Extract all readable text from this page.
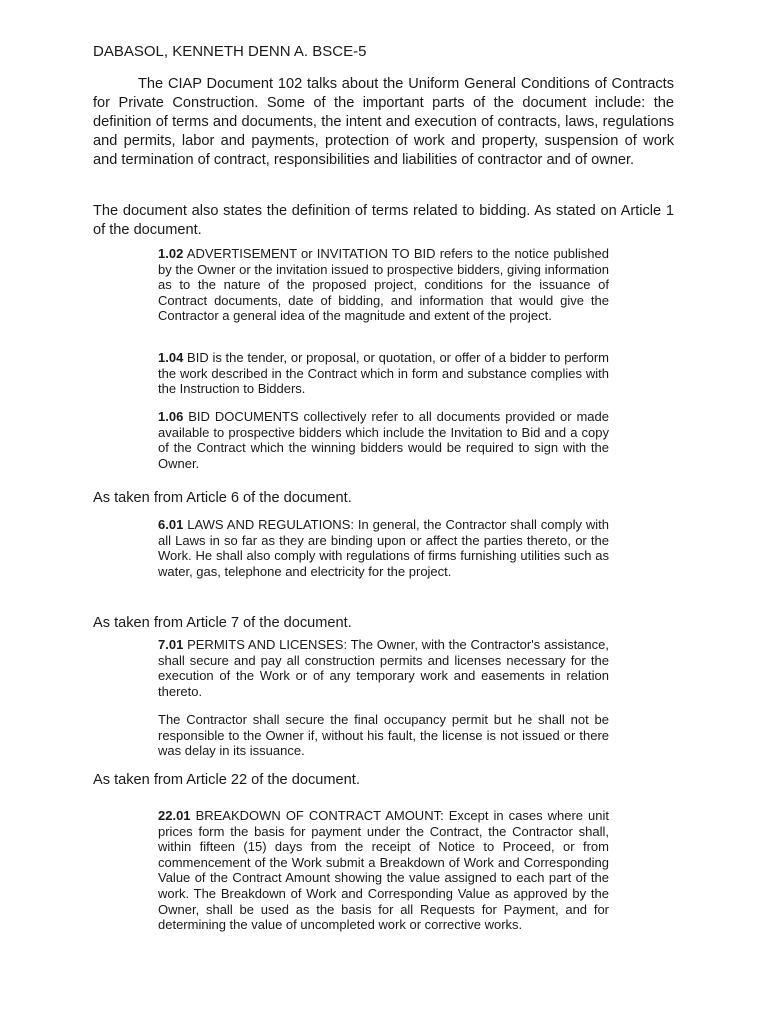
DABASOL, KENNETH DENN A. BSCE-5

The CIAP Document 102 talks about the Uniform General Conditions of Contracts for Private Construction. Some of the important parts of the document include: the definition of terms and documents, the intent and execution of contracts, laws, regulations and permits, labor and payments, protection of work and property, suspension of work and termination of contract, responsibilities and liabilities of contractor and of owner.

The document also states the definition of terms related to bidding. As stated on Article 1 of the document.

1.02 ADVERTISEMENT or INVITATION TO BID refers to the notice published by the Owner or the invitation issued to prospective bidders, giving information as to the nature of the proposed project, conditions for the issuance of Contract documents, date of bidding, and information that would give the Contractor a general idea of the magnitude and extent of the project.

1.04 BID is the tender, or proposal, or quotation, or offer of a bidder to perform the work described in the Contract which in form and substance complies with the Instruction to Bidders.

1.06 BID DOCUMENTS collectively refer to all documents provided or made available to prospective bidders which include the Invitation to Bid and a copy of the Contract which the winning bidders would be required to sign with the Owner.

As taken from Article 6 of the document.

6.01 LAWS AND REGULATIONS: In general, the Contractor shall comply with all Laws in so far as they are binding upon or affect the parties thereto, or the Work. He shall also comply with regulations of firms furnishing utilities such as water, gas, telephone and electricity for the project.

As taken from Article 7 of the document.

7.01 PERMITS AND LICENSES: The Owner, with the Contractor's assistance, shall secure and pay all construction permits and licenses necessary for the execution of the Work or of any temporary work and easements in relation thereto.

The Contractor shall secure the final occupancy permit but he shall not be responsible to the Owner if, without his fault, the license is not issued or there was delay in its issuance.

As taken from Article 22 of the document.

22.01 BREAKDOWN OF CONTRACT AMOUNT: Except in cases where unit prices form the basis for payment under the Contract, the Contractor shall, within fifteen (15) days from the receipt of Notice to Proceed, or from commencement of the Work submit a Breakdown of Work and Corresponding Value of the Contract Amount showing the value assigned to each part of the work. The Breakdown of Work and Corresponding Value as approved by the Owner, shall be used as the basis for all Requests for Payment, and for determining the value of uncompleted work or corrective works.
